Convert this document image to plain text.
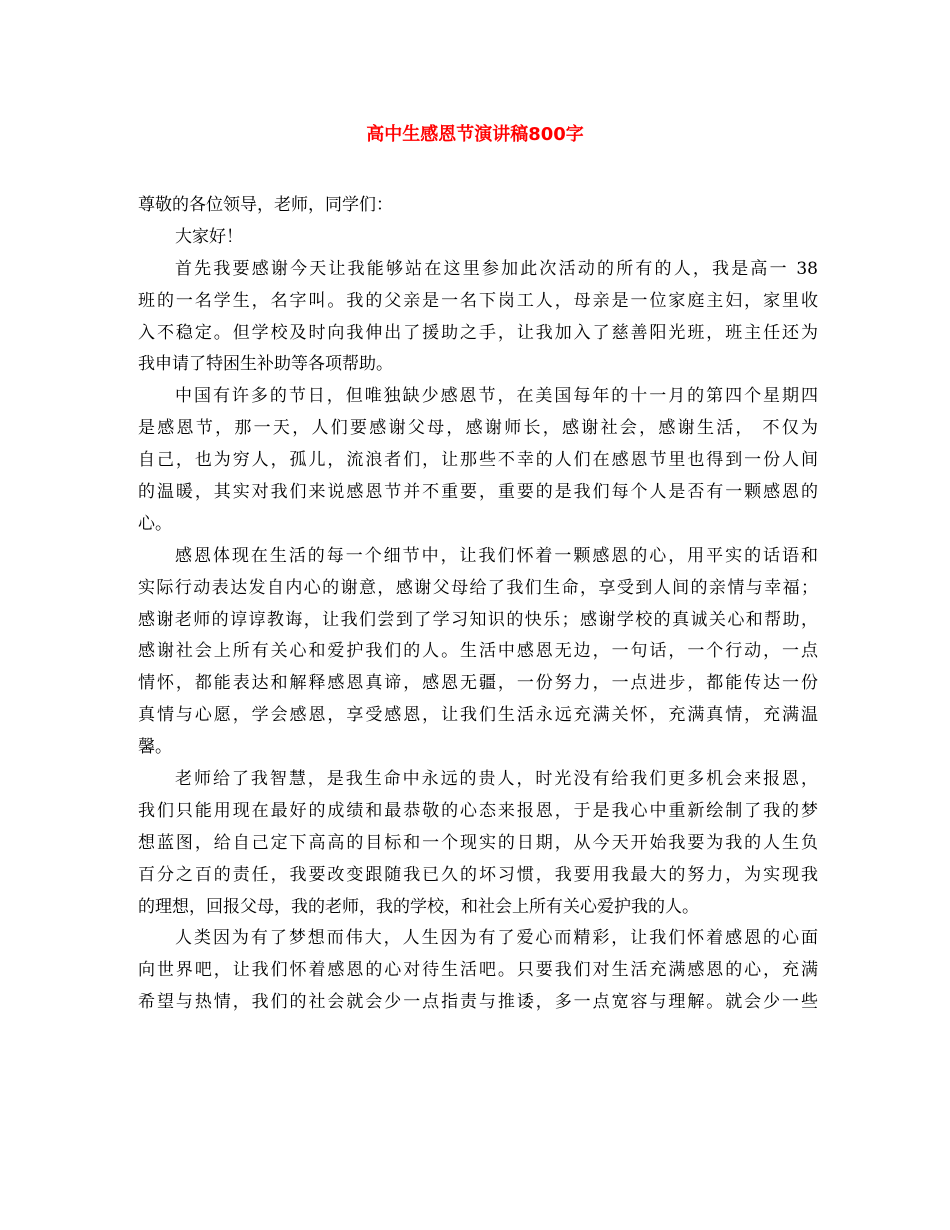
高中生感恩节演讲稿800字
尊敬的各位领导，老师，同学们：
大家好！
首先我要感谢今天让我能够站在这里参加此次活动的所有的人，我是高一 38
班的一名学生，名字叫。我的父亲是一名下岗工人，母亲是一位家庭主妇，家里收
入不稳定。但学校及时向我伸出了援助之手，让我加入了慈善阳光班，班主任还为
我申请了特困生补助等各项帮助。
中国有许多的节日，但唯独缺少感恩节，在美国每年的十一月的第四个星期四
是感恩节，那一天，人们要感谢父母，感谢师长，感谢社会，感谢生活， 不仅为
自己，也为穷人，孤儿，流浪者们，让那些不幸的人们在感恩节里也得到一份人间
的温暖，其实对我们来说感恩节并不重要，重要的是我们每个人是否有一颗感恩的
心。
感恩体现在生活的每一个细节中，让我们怀着一颗感恩的心，用平实的话语和
实际行动表达发自内心的谢意，感谢父母给了我们生命，享受到人间的亲情与幸福；
感谢老师的谆谆教诲，让我们尝到了学习知识的快乐；感谢学校的真诚关心和帮助，
感谢社会上所有关心和爱护我们的人。生活中感恩无边，一句话，一个行动，一点
情怀，都能表达和解释感恩真谛，感恩无疆，一份努力，一点进步，都能传达一份
真情与心愿，学会感恩，享受感恩，让我们生活永远充满关怀，充满真情，充满温
馨。
老师给了我智慧，是我生命中永远的贵人，时光没有给我们更多机会来报恩，
我们只能用现在最好的成绩和最恭敬的心态来报恩，于是我心中重新绘制了我的梦
想蓝图，给自己定下高高的目标和一个现实的日期，从今天开始我要为我的人生负
百分之百的责任，我要改变跟随我已久的坏习惯，我要用我最大的努力，为实现我
的理想，回报父母，我的老师，我的学校，和社会上所有关心爱护我的人。
人类因为有了梦想而伟大，人生因为有了爱心而精彩，让我们怀着感恩的心面
向世界吧，让我们怀着感恩的心对待生活吧。只要我们对生活充满感恩的心，充满
希望与热情，我们的社会就会少一点指责与推诿，多一点宽容与理解。就会少一些
